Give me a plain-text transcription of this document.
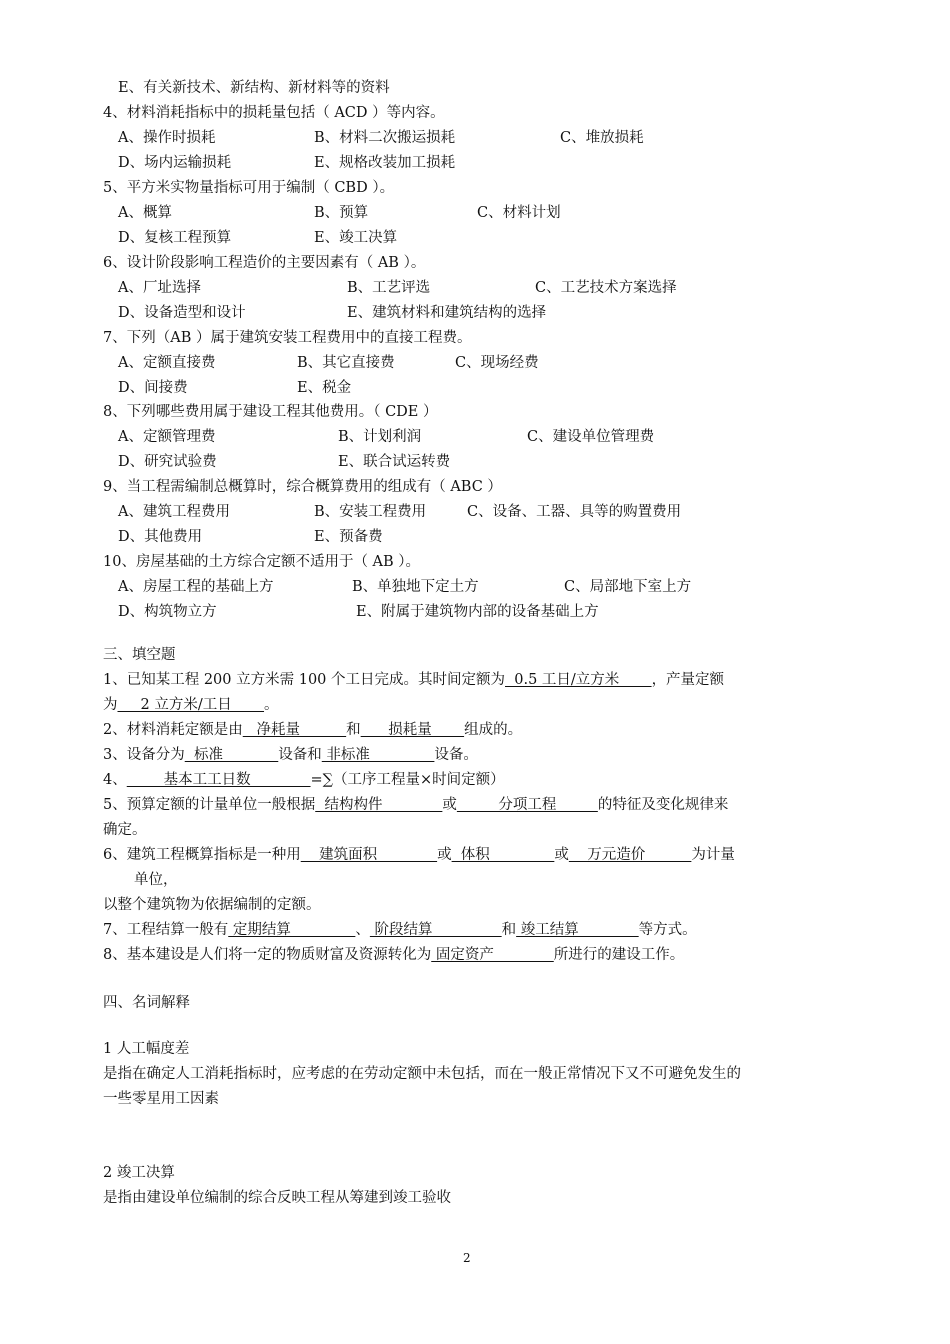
E、有关新技术、新结构、新材料等的资料
4、材料消耗指标中的损耗量包括（ ACD ）等内容。
A、操作时损耗	B、材料二次搬运损耗	C、堆放损耗
D、场内运输损耗	E、规格改装加工损耗
5、平方米实物量指标可用于编制（ CBD ）。
A、概算	B、预算	C、材料计划
D、复核工程预算	E、竣工决算
6、设计阶段影响工程造价的主要因素有（ AB ）。
A、厂址选择	B、工艺评选	C、工艺技术方案选择
D、设备造型和设计	E、建筑材料和建筑结构的选择
7、下列（AB ）属于建筑安装工程费用中的直接工程费。
A、定额直接费	B、其它直接费	C、现场经费
D、间接费	E、税金
8、下列哪些费用属于建设工程其他费用。（ CDE ）
A、定额管理费	B、计划利润	C、建设单位管理费
D、研究试验费	E、联合试运转费
9、当工程需编制总概算时，综合概算费用的组成有（ ABC ）
A、建筑工程费用	B、安装工程费用	C、设备、工器、具等的购置费用
D、其他费用	E、预备费
10、房屋基础的土方综合定额不适用于（ AB ）。
A、房屋工程的基础上方	B、单独地下定土方	C、局部地下室上方
D、构筑物立方	E、附属于建筑物内部的设备基础上方
三、填空题
1、已知某工程 200 立方米需 100 个工日完成。其时间定额为  0.5 工日/立方米       ，产量定额
为     2 立方米/工日       。
2、材料消耗定额是由   净耗量          和      损耗量       组成的。
3、设备分为  标准            设备和 非标准              设备。
4、        基本工工日数             =∑（工序工程量×时间定额）
5、预算定额的计量单位一般根据  结构构件             或         分项工程         的特征及变化规律来
确定。
6、建筑工程概算指标是一种用    建筑面积             或  体积              或    万元造价          为计量
单位，
以整个建筑物为依据编制的定额。
7、工程结算一般有 定期结算              、 阶段结算               和 竣工结算             等方式。
8、基本建设是人们将一定的物质财富及资源转化为 固定资产             所进行的建设工作。
四、名词解释
1 人工幅度差
是指在确定人工消耗指标时，应考虑的在劳动定额中未包括，而在一般正常情况下又不可避免发生的
一些零星用工因素
2 竣工决算
是指由建设单位编制的综合反映工程从筹建到竣工验收
2
